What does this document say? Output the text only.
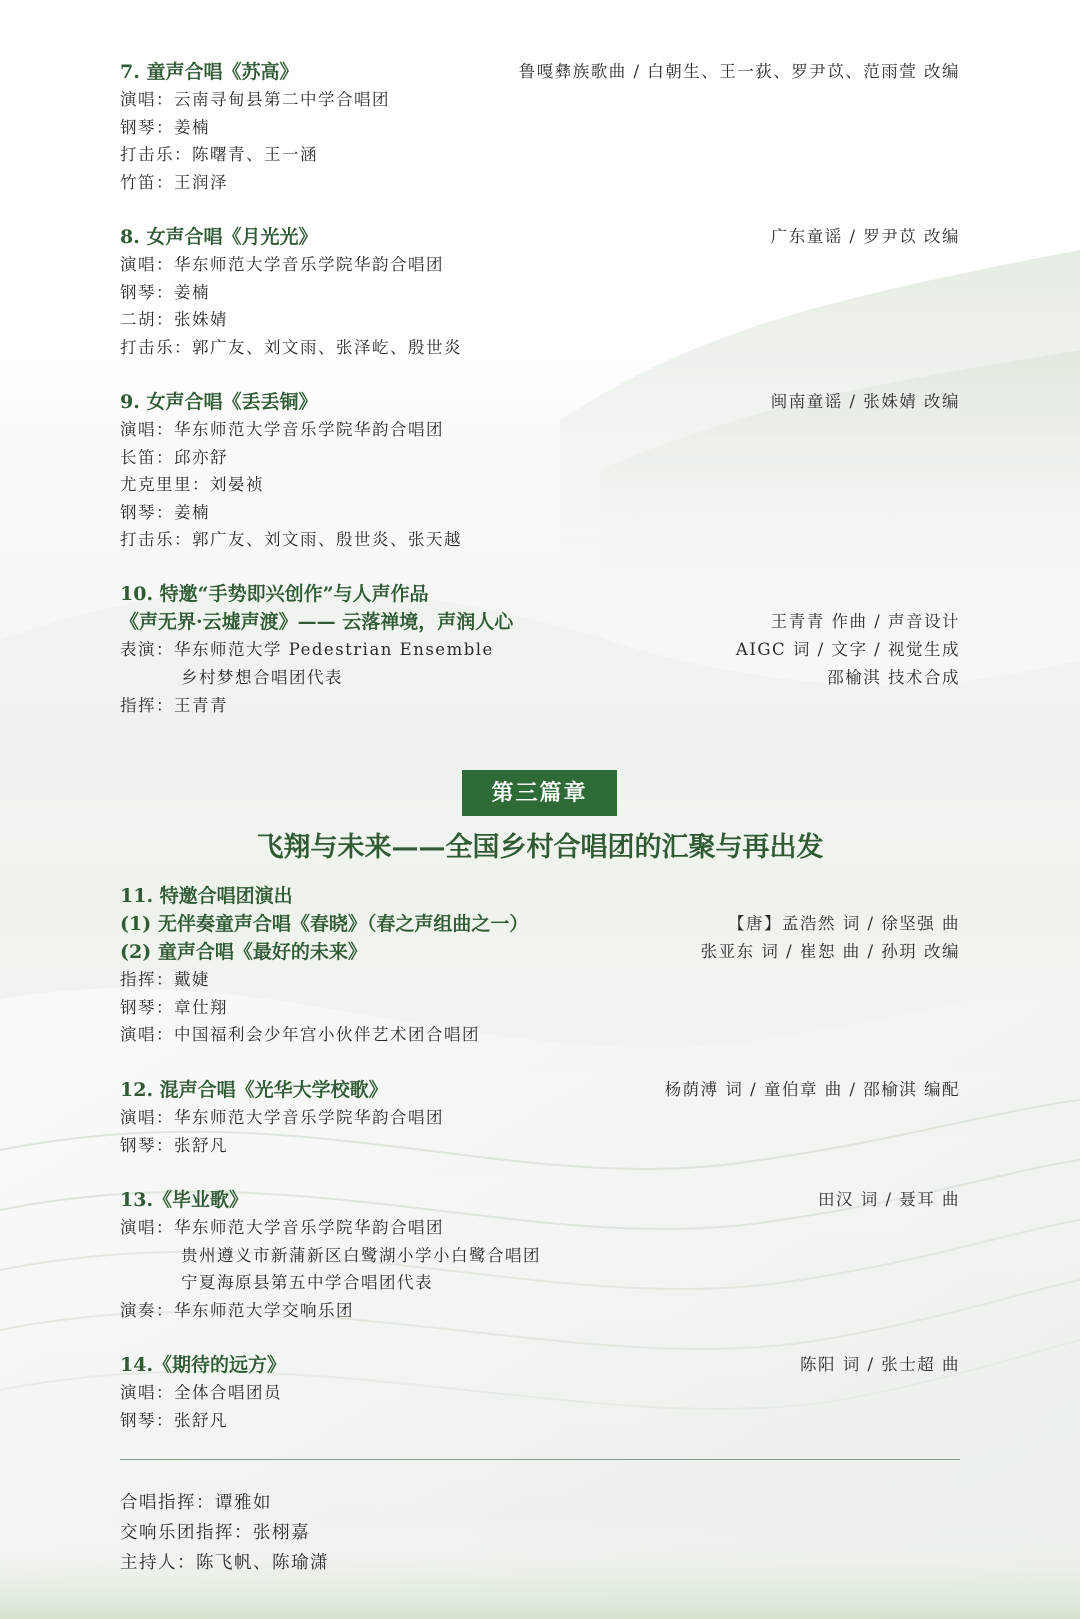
7. 童声合唱《苏高》	鲁嘎彝族歌曲 / 白朝生、王一荻、罗尹苡、范雨萱 改编
演唱：云南寻甸县第二中学合唱团
钢琴：姜楠
打击乐：陈曙青、王一涵
竹笛：王润泽
8. 女声合唱《月光光》	广东童谣 / 罗尹苡 改编
演唱：华东师范大学音乐学院华韵合唱团
钢琴：姜楠
二胡：张姝婧
打击乐：郭广友、刘文雨、张泽屹、殷世炎
9. 女声合唱《丢丢铜》	闽南童谣 / 张姝婧 改编
演唱：华东师范大学音乐学院华韵合唱团
长笛：邱亦舒
尤克里里：刘晏祯
钢琴：姜楠
打击乐：郭广友、刘文雨、殷世炎、张天越
10. 特邀“手势即兴创作”与人声作品
《声无界·云墟声渡》—— 云落禅境，声润人心	王青青 作曲 / 声音设计
表演：华东师范大学 Pedestrian Ensemble	AIGC 词 / 文字 / 视觉生成
乡村梦想合唱团代表	邵榆淇 技术合成
指挥：王青青
第三篇章
飞翔与未来——全国乡村合唱团的汇聚与再出发
11. 特邀合唱团演出
(1) 无伴奏童声合唱《春晓》（春之声组曲之一）	【唐】孟浩然 词 / 徐坚强 曲
(2) 童声合唱《最好的未来》	张亚东 词 / 崔恕 曲 / 孙玥 改编
指挥：戴婕
钢琴：章仕翔
演唱：中国福利会少年宫小伙伴艺术团合唱团
12. 混声合唱《光华大学校歌》	杨荫溥 词 / 童伯章 曲 / 邵榆淇 编配
演唱：华东师范大学音乐学院华韵合唱团
钢琴：张舒凡
13.《毕业歌》	田汉 词 / 聂耳 曲
演唱：华东师范大学音乐学院华韵合唱团
贵州遵义市新蒲新区白鹭湖小学小白鹭合唱团
宁夏海原县第五中学合唱团代表
演奏：华东师范大学交响乐团
14.《期待的远方》	陈阳 词 / 张士超 曲
演唱：全体合唱团员
钢琴：张舒凡
合唱指挥：谭雅如
交响乐团指挥：张栩嘉
主持人：陈飞帆、陈瑜潇
